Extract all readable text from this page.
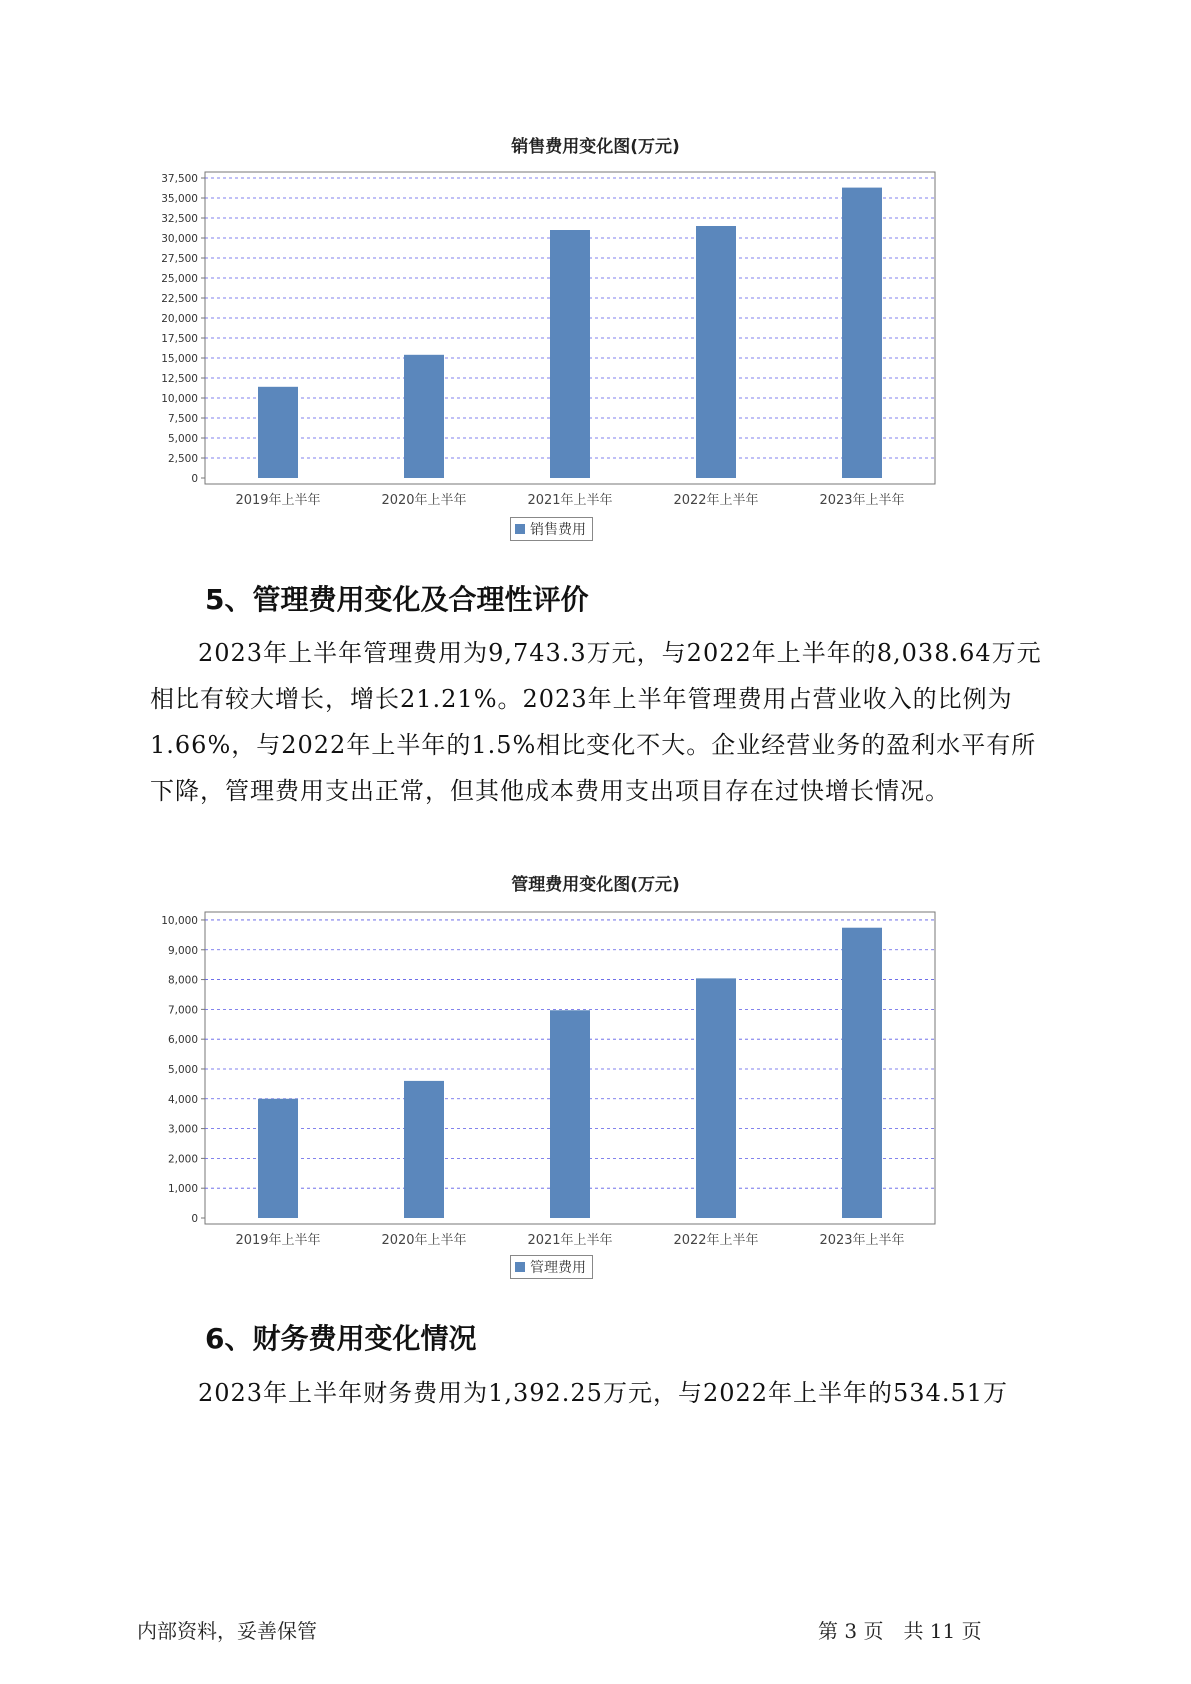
销售费用变化图(万元)
0
2,500
5,000
7,500
10,000
12,500
15,000
17,500
20,000
22,500
25,000
27,500
30,000
32,500
35,000
37,500
2019年上半年	2020年上半年	2021年上半年	2022年上半年	2023年上半年
销售费用
5、管理费用变化及合理性评价

2023年上半年管理费用为9,743.3万元，与2022年上半年的8,038.64万元相比有较大增长，增长21.21%。2023年上半年管理费用占营业收入的比例为1.66%，与2022年上半年的1.5%相比变化不大。企业经营业务的盈利水平有所下降，管理费用支出正常，但其他成本费用支出项目存在过快增长情况。

管理费用变化图(万元)
0
1,000
2,000
3,000
4,000
5,000
6,000
7,000
8,000
9,000
10,000
2019年上半年	2020年上半年	2021年上半年	2022年上半年	2023年上半年
管理费用
6、财务费用变化情况

2023年上半年财务费用为1,392.25万元，与2022年上半年的534.51万

内部资料，妥善保管	第 3 页　共 11 页
